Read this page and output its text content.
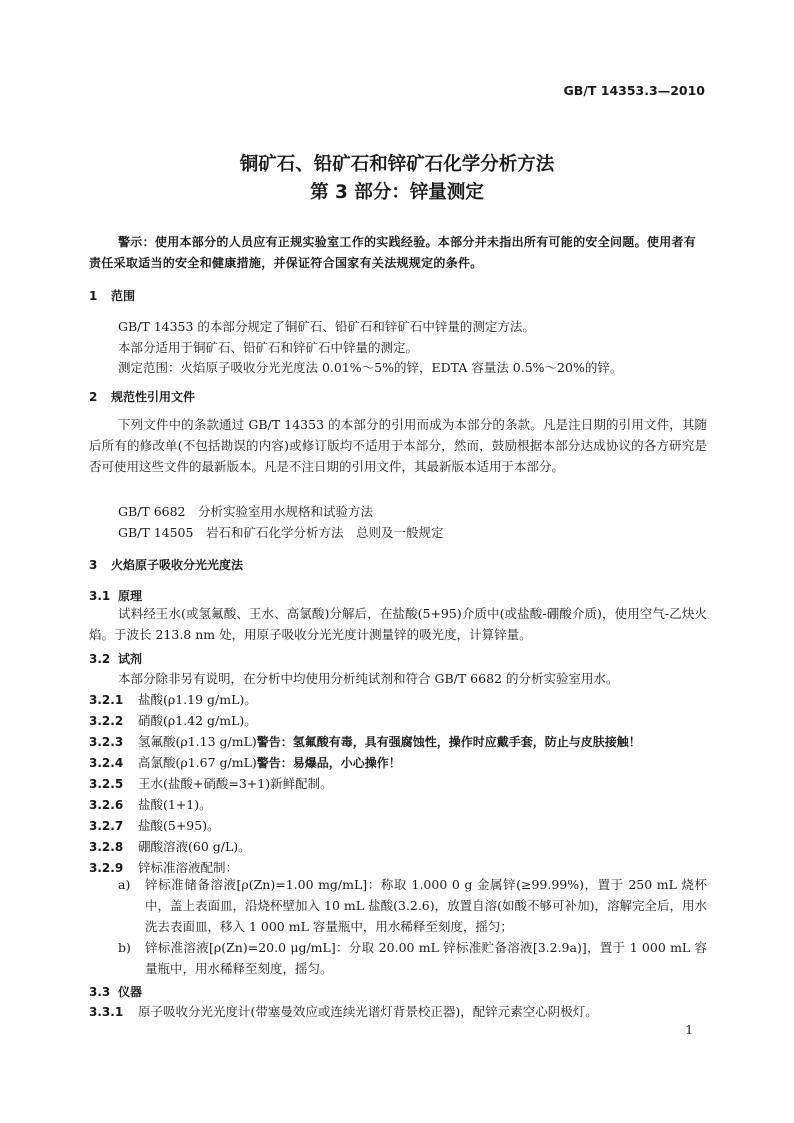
GB/T 14353.3—2010
铜矿石、铅矿石和锌矿石化学分析方法
第 3 部分：锌量测定
警示：使用本部分的人员应有正规实验室工作的实践经验。本部分并未指出所有可能的安全问题。使用者有责任采取适当的安全和健康措施，并保证符合国家有关法规规定的条件。
1 范围
GB/T 14353 的本部分规定了铜矿石、铅矿石和锌矿石中锌量的测定方法。
本部分适用于铜矿石、铅矿石和锌矿石中锌量的测定。
测定范围：火焰原子吸收分光光度法 0.01%～5%的锌，EDTA 容量法 0.5%～20%的锌。
2 规范性引用文件
下列文件中的条款通过 GB/T 14353 的本部分的引用而成为本部分的条款。凡是注日期的引用文件，其随后所有的修改单(不包括勘误的内容)或修订版均不适用于本部分，然而，鼓励根据本部分达成协议的各方研究是否可使用这些文件的最新版本。凡是不注日期的引用文件，其最新版本适用于本部分。
GB/T 6682　分析实验室用水规格和试验方法
GB/T 14505　岩石和矿石化学分析方法　总则及一般规定
3 火焰原子吸收分光光度法
3.1 原理
试料经王水(或氢氟酸、王水、高氯酸)分解后，在盐酸(5+95)介质中(或盐酸-硼酸介质)，使用空气-乙炔火焰。于波长 213.8 nm 处，用原子吸收分光光度计测量锌的吸光度，计算锌量。
3.2 试剂
本部分除非另有说明，在分析中均使用分析纯试剂和符合 GB/T 6682 的分析实验室用水。
3.2.1 盐酸(ρ1.19 g/mL)。
3.2.2 硝酸(ρ1.42 g/mL)。
3.2.3 氢氟酸(ρ1.13 g/mL)警告：氢氟酸有毒，具有强腐蚀性，操作时应戴手套，防止与皮肤接触！
3.2.4 高氯酸(ρ1.67 g/mL)警告：易爆品，小心操作！
3.2.5 王水(盐酸+硝酸=3+1)新鲜配制。
3.2.6 盐酸(1+1)。
3.2.7 盐酸(5+95)。
3.2.8 硼酸溶液(60 g/L)。
3.2.9 锌标准溶液配制：
a) 锌标准储备溶液[ρ(Zn)=1.00 mg/mL]：称取 1.000 0 g 金属锌(≥99.99%)，置于 250 mL 烧杯中，盖上表面皿，沿烧杯壁加入 10 mL 盐酸(3.2.6)，放置自溶(如酸不够可补加)，溶解完全后，用水洗去表面皿，移入 1 000 mL 容量瓶中，用水稀释至刻度，摇匀；
b) 锌标准溶液[ρ(Zn)=20.0 μg/mL]：分取 20.00 mL 锌标准贮备溶液[3.2.9a)]，置于 1 000 mL 容量瓶中，用水稀释至刻度，摇匀。
3.3 仪器
3.3.1 原子吸收分光光度计(带塞曼效应或连续光谱灯背景校正器)，配锌元素空心阴极灯。
1
